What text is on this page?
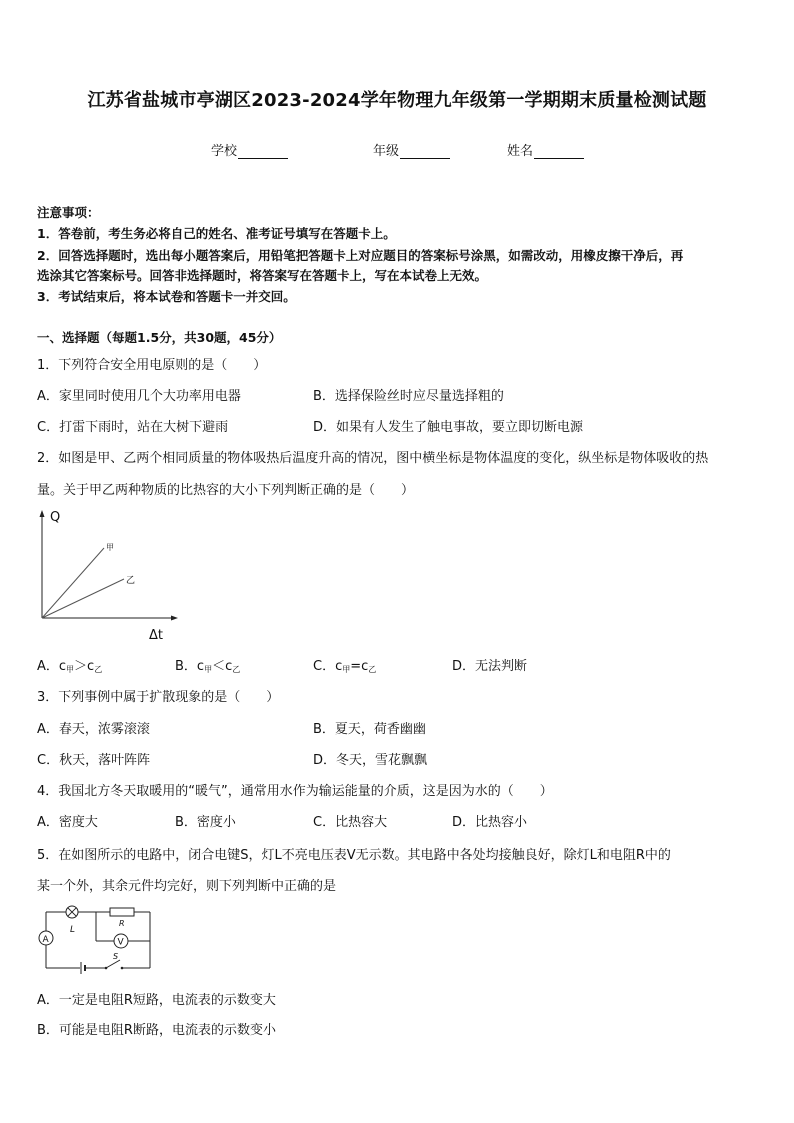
江苏省盐城市亭湖区2023-2024学年物理九年级第一学期期末质量检测试题
学校	年级	姓名
注意事项：
1．答卷前，考生务必将自己的姓名、准考证号填写在答题卡上。
2．回答选择题时，选出每小题答案后，用铅笔把答题卡上对应题目的答案标号涂黑，如需改动，用橡皮擦干净后，再
选涂其它答案标号。回答非选择题时，将答案写在答题卡上，写在本试卷上无效。
3．考试结束后，将本试卷和答题卡一并交回。
一、选择题（每题1.5分，共30题，45分）
1．下列符合安全用电原则的是（　　）
A．家里同时使用几个大功率用电器	B．选择保险丝时应尽量选择粗的
C．打雷下雨时，站在大树下避雨	D．如果有人发生了触电事故，要立即切断电源
2．如图是甲、乙两个相同质量的物体吸热后温度升高的情况，图中横坐标是物体温度的变化，纵坐标是物体吸收的热
量。关于甲乙两种物质的比热容的大小下列判断正确的是（　　）
Q
Δt
甲
乙
A．$c_甲>c_乙$	B．$c_甲<c_乙$	C．$c_甲=c_乙$	D．无法判断
3．下列事例中属于扩散现象的是（　　）
A．春天，浓雾滚滚	B．夏天，荷香幽幽
C．秋天，落叶阵阵	D．冬天，雪花飘飘
4．我国北方冬天取暖用的“暖气”，通常用水作为输运能量的介质，这是因为水的（　　）
A．密度大	B．密度小	C．比热容大	D．比热容小
5．在如图所示的电路中，闭合电键S，灯L不亮电压表V无示数。其电路中各处均接触良好，除灯L和电阻R中的
某一个外，其余元件均完好，则下列判断中正确的是
A
L
R
V
S
A．一定是电阻R短路，电流表的示数变大
B．可能是电阻R断路，电流表的示数变小
